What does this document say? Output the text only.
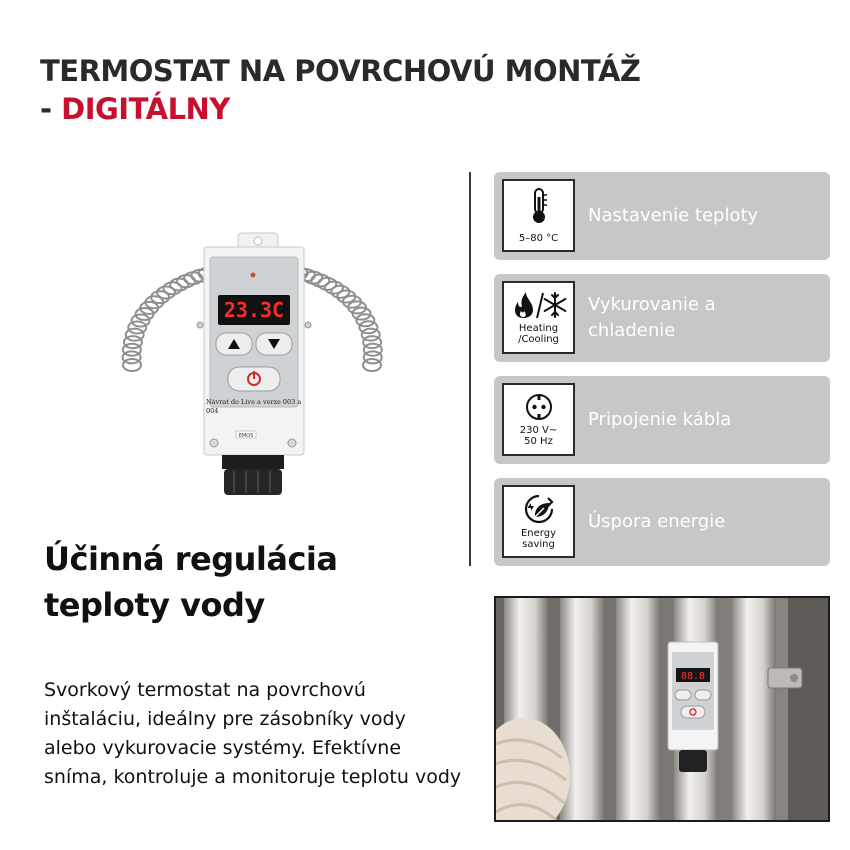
TERMOSTAT NA POVRCHOVÚ MONTÁŽ
- DIGITÁLNY
23.3C
Návrat do Live a verze 003 a
004
EMOS
Účinná regulácia
teploty vody
Svorkový termostat na povrchovú inštaláciu, ideálny pre zásobníky vody alebo vykurovacie systémy. Efektívne sníma, kontroluje a monitoruje teplotu vody
5–80 °C
Nastavenie teploty
Heating
/Cooling
Vykurovanie a
chladenie
230 V~
50 Hz
Pripojenie kábla
Energy
saving
Úspora energie
88.8
